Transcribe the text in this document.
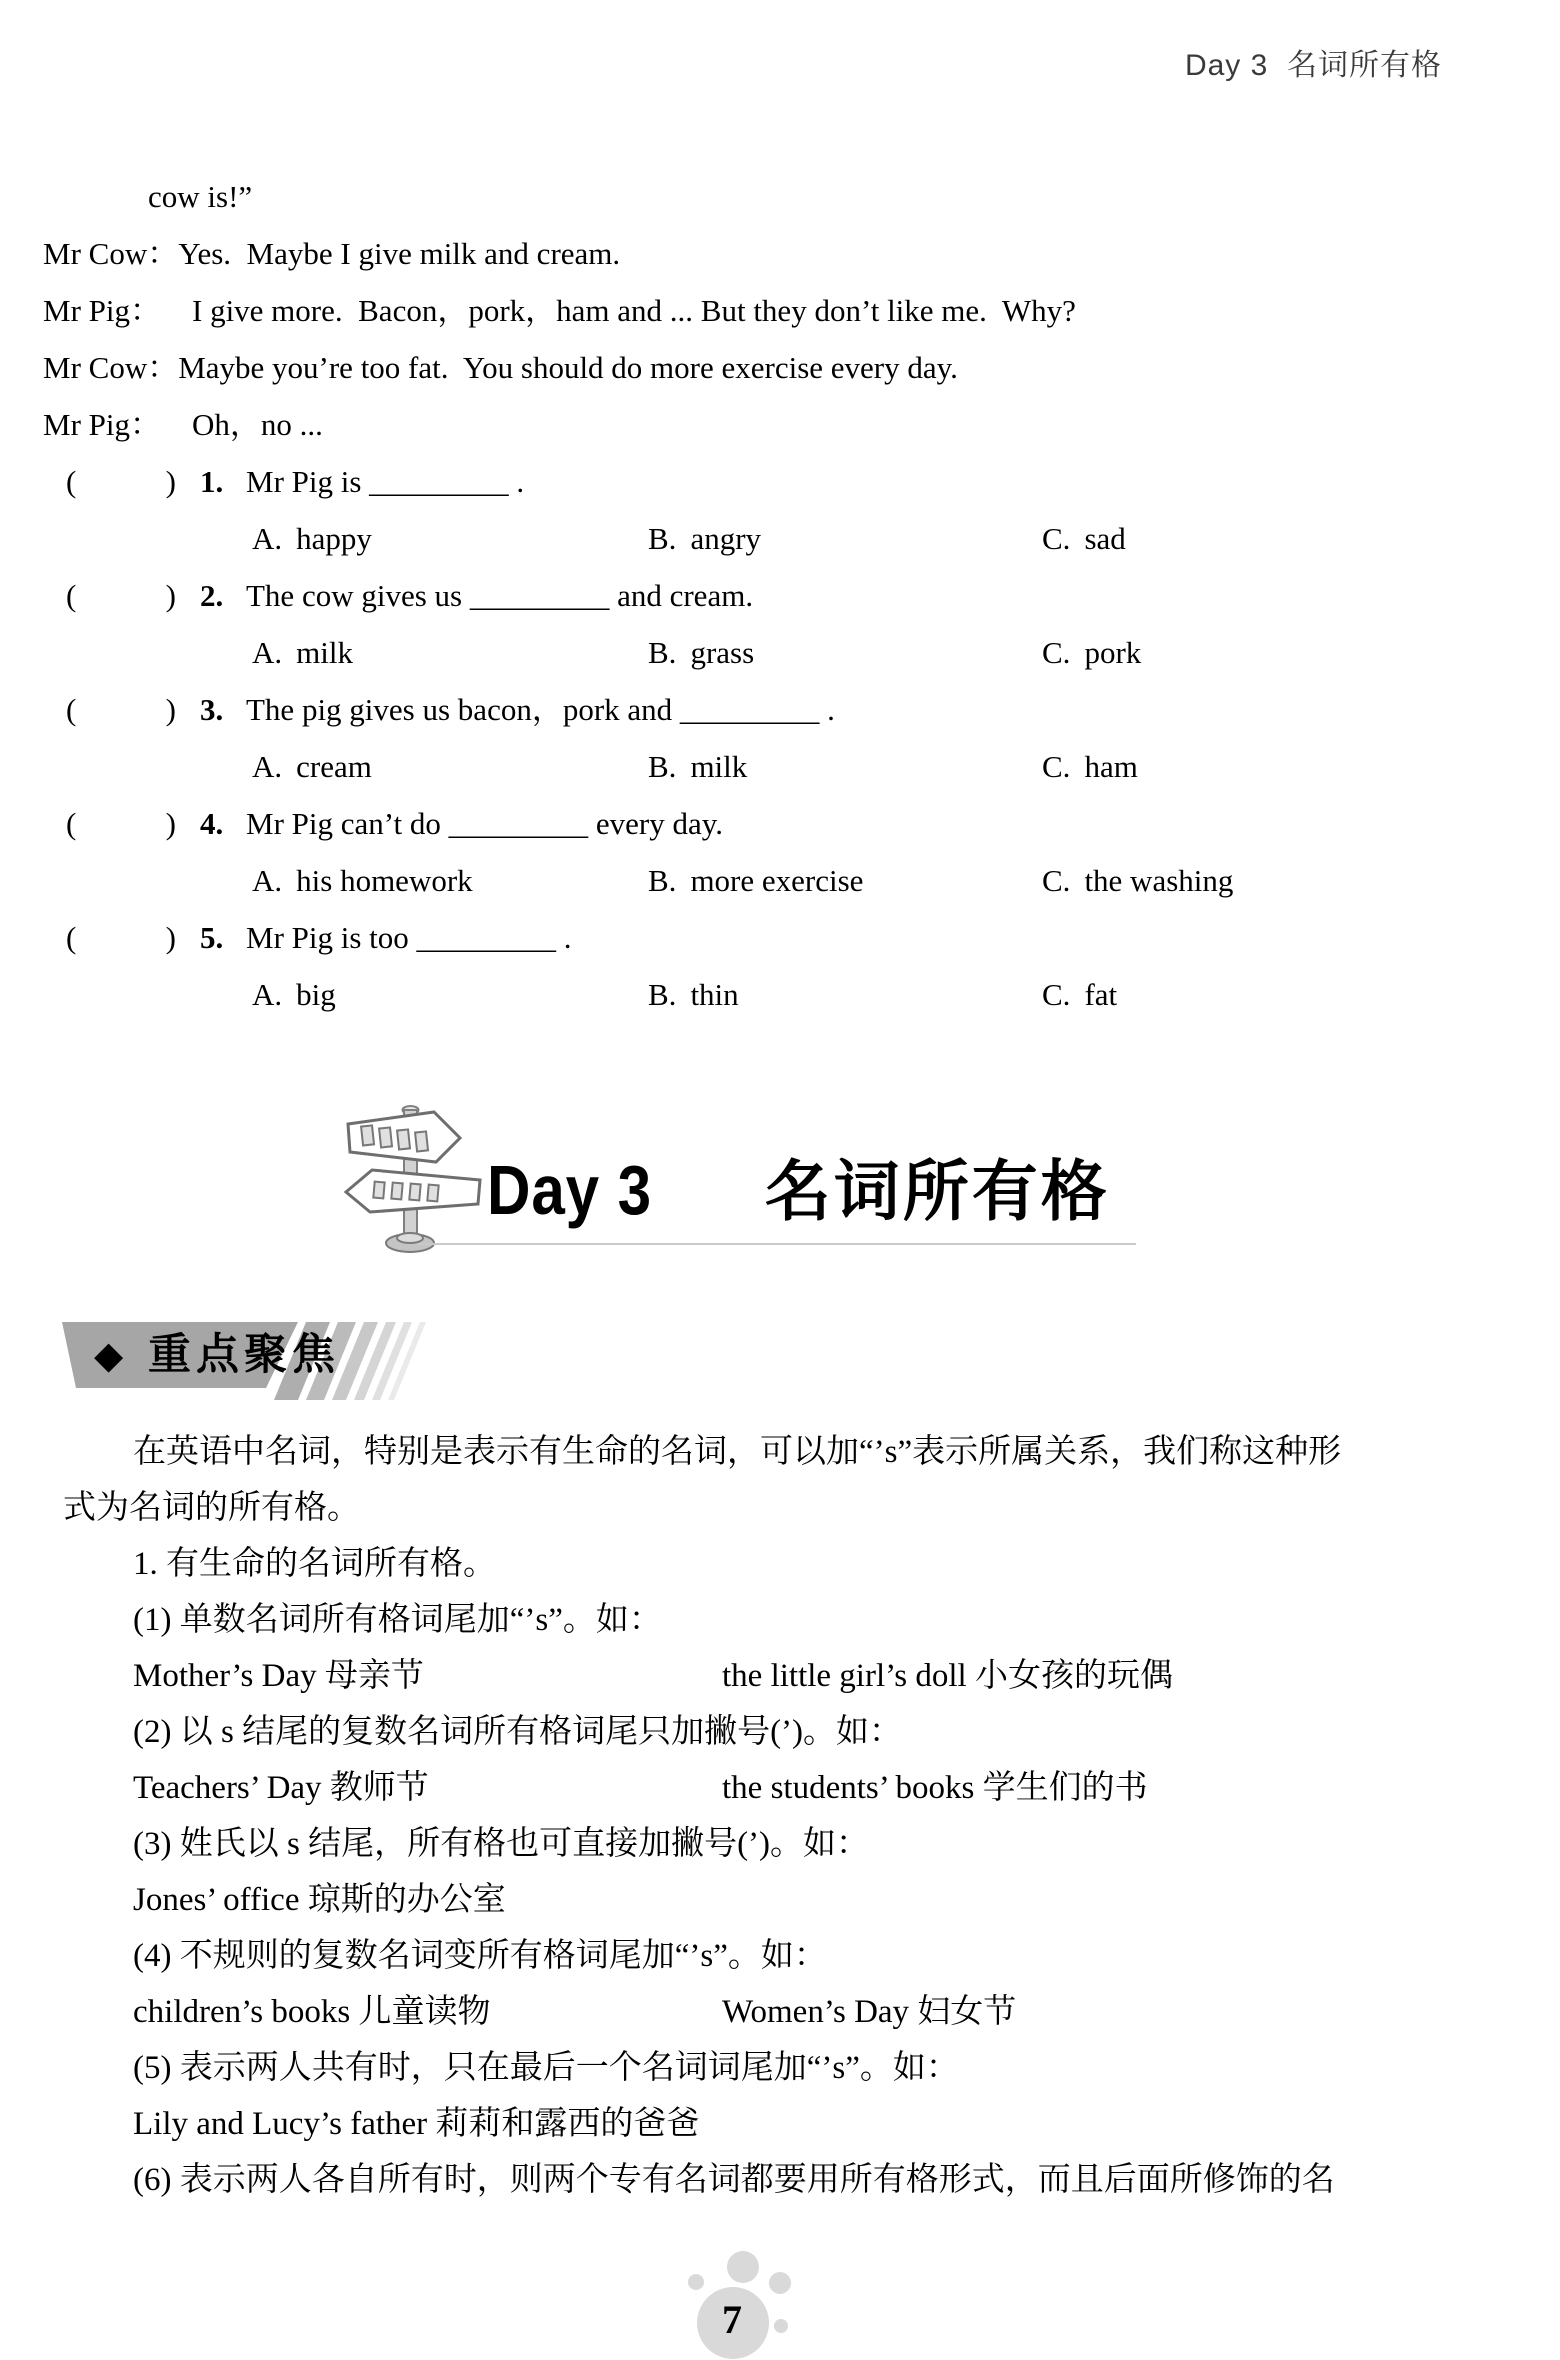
Day 3  名词所有格
cow is!”
Mr Cow：Yes.  Maybe I give milk and cream.
Mr Pig：    I give more.  Bacon，pork，ham and ... But they don’t like me.  Why?
Mr Cow：Maybe you’re too fat.  You should do more exercise every day.
Mr Pig：    Oh，no ...
(	) 1. Mr Pig is _________ .
A. happy	B. angry	C. sad
(	) 2. The cow gives us _________ and cream.
A. milk	B. grass	C. pork
(	) 3. The pig gives us bacon，pork and _________ .
A. cream	B. milk	C. ham
(	) 4. Mr Pig can’t do _________ every day.
A. his homework	B. more exercise	C. the washing
(	) 5. Mr Pig is too _________ .
A. big	B. thin	C. fat
Day 3 名词所有格
◆ 重点聚焦
在英语中名词，特别是表示有生命的名词，可以加“’s”表示所属关系，我们称这种形
式为名词的所有格。
1. 有生命的名词所有格。
(1) 单数名词所有格词尾加“’s”。如：
Mother’s Day 母亲节	the little girl’s doll 小女孩的玩偶
(2) 以 s 结尾的复数名词所有格词尾只加撇号(’)。如：
Teachers’ Day 教师节	the students’ books 学生们的书
(3) 姓氏以 s 结尾，所有格也可直接加撇号(’)。如：
Jones’ office 琼斯的办公室
(4) 不规则的复数名词变所有格词尾加“’s”。如：
children’s books 儿童读物	Women’s Day 妇女节
(5) 表示两人共有时，只在最后一个名词词尾加“’s”。如：
Lily and Lucy’s father 莉莉和露西的爸爸
(6) 表示两人各自所有时，则两个专有名词都要用所有格形式，而且后面所修饰的名
7
